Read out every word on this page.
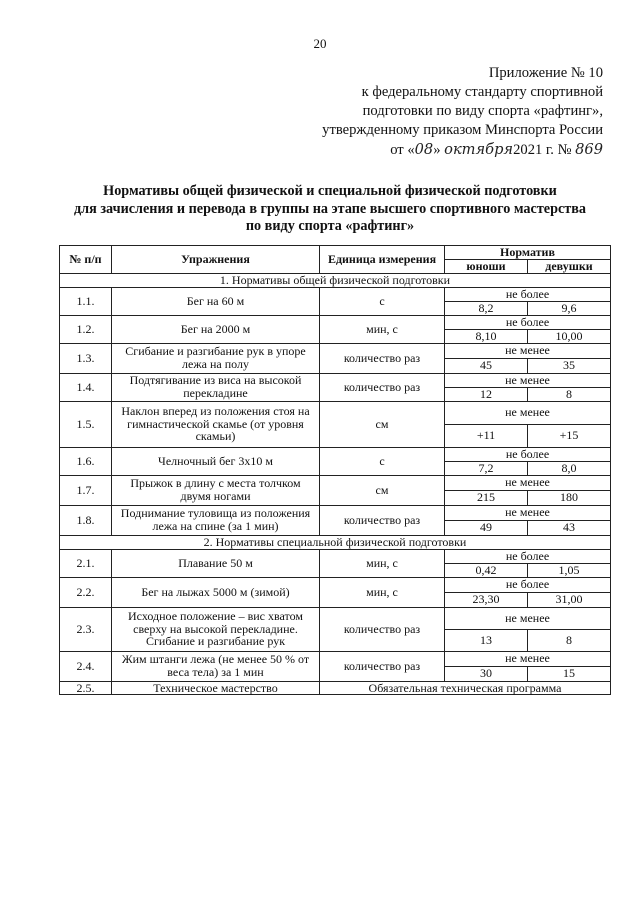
20
Приложение № 10
к федеральному стандарту спортивной
подготовки по виду спорта «рафтинг»,
утвержденному приказом Минспорта России
от «08» октября2021 г. № 869
Нормативы общей физической и специальной физической подготовки
для зачисления и перевода в группы на этапе высшего спортивного мастерства
по виду спорта «рафтинг»
№ п/п	Упражнения	Единица измерения	Норматив	
			юноши	девушки
1. Нормативы общей физической подготовки				
1.1.	Бег на 60 м	с	не более	
			8,2	9,6
1.2.	Бег на 2000 м	мин, с	не более	
			8,10	10,00
1.3.	Сгибание и разгибание рук в упоре лежа на полу	количество раз	не менее	
			45	35
1.4.	Подтягивание из виса на высокой перекладине	количество раз	не менее	
			12	8
1.5.	Наклон вперед из положения стоя на гимнастической скамье (от уровня скамьи)	см	не менее	
			+11	+15
1.6.	Челночный бег 3х10 м	с	не более	
			7,2	8,0
1.7.	Прыжок в длину с места толчком двумя ногами	см	не менее	
			215	180
1.8.	Поднимание туловища из положения лежа на спине (за 1 мин)	количество раз	не менее	
			49	43
2. Нормативы специальной физической подготовки				
2.1.	Плавание 50 м	мин, с	не более	
			0,42	1,05
2.2.	Бег на лыжах 5000 м (зимой)	мин, с	не более	
			23,30	31,00
2.3.	Исходное положение – вис хватом сверху на высокой перекладине. Сгибание и разгибание рук	количество раз	не менее	
			13	8
2.4.	Жим штанги лежа (не менее 50 % от веса тела) за 1 мин	количество раз	не менее	
			30	15
2.5.	Техническое мастерство	Обязательная техническая программа		
